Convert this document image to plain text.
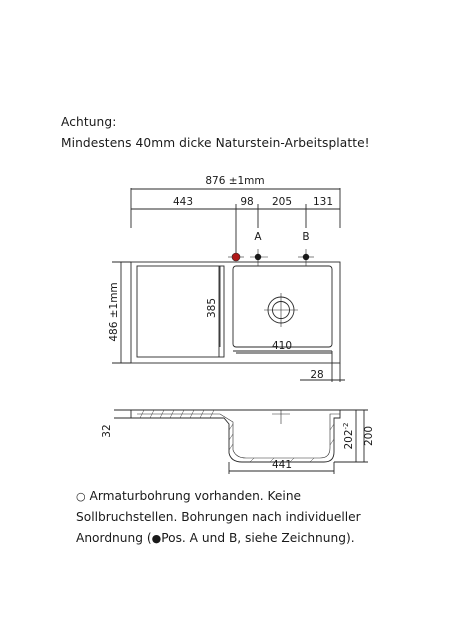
Achtung:
Mindestens 40mm dicke Naturstein-Arbeitsplatte!
876 ±1mm
443	98 205 131
A	B
486 ±1mm	385
410
28
32	$202^{-2}$	200
441
○ Armaturbohrung vorhanden. Keine
Sollbruchstellen. Bohrungen nach individueller
Anordnung (●Pos. A und B, siehe Zeichnung).
